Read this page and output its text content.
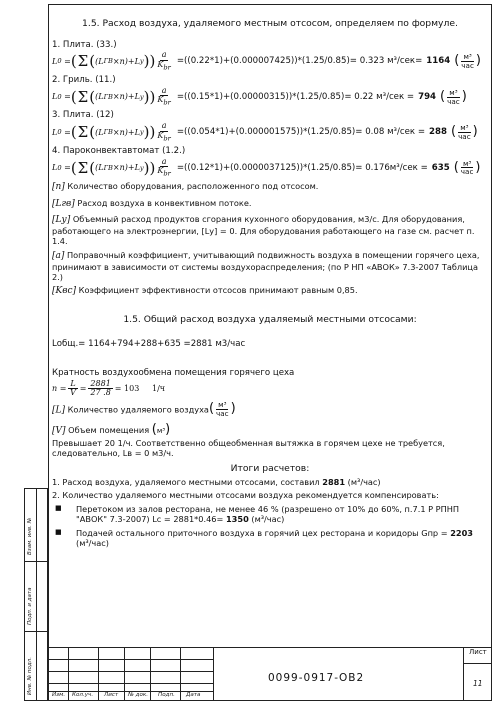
1.5. Расход воздуха, удаляемого местным отсосом, определяем по формуле.
1. Плита. (33.)
L 0
= ( Σ ( ( L ГВ × n )+ L y )) $\frac{a}{K_{br}} =((0.22*1)+(0.000007425))*(1.25/0.85)= 0.323$ м³/сек= 1164 ( $\frac{\text{м³}}{\text{час}}$ )
2. Гриль. (11.)
L 0
= ( Σ ( ( L ГВ × n )+ L y )) $\frac{a}{K_{br}} =((0.15*1)+(0.00000315))*(1.25/0.85)= 0.22$ м³/сек = 794 ( $\frac{\text{м³}}{\text{час}}$ )
3. Плита. (12)
L 0
= ( Σ ( ( L ГВ × n )+ L y )) $\frac{a}{K_{br}} =((0.054*1)+(0.000001575))*(1.25/0.85)= 0.08$ м³/сек = 288 ( $\frac{\text{м³}}{\text{час}}$ )
4. Пароконвектавтомат (1.2.)
L 0
= ( Σ ( ( L ГВ × n )+ L y )) $\frac{a}{K_{br}} =((0.12*1)+(0.0000037125))*(1.25/0.85)= 0.176м^3/сек = 635$ ( $\frac{\text{м³}}{\text{час}}$ )
[n] Количество оборудования, расположенного под отсосом.
[Lгв] Расход воздуха в конвективном потоке.
[Lу] Объемный расход продуктов сгорания кухонного оборудования, м3/с. Для оборудования, работающего на электроэнергии, [Lу] = 0. Для оборудования работающего на газе см. расчет п. 1.4.
[a] Поправочный коэффициент, учитывающий подвижность воздуха в помещении горячего цеха, принимают в зависимости от системы воздухораспределения; (по Р НП «АВОК» 7.3-2007 Таблица 2.)
[Kвс] Коэффициент эффективности отсосов принимают равным 0,85.
1.5. Общий расход воздуха удаляемый местными отсосами:
Lобщ.= 1164+794+288+635 =2881 м3/час
Кратность воздухообмена помещения горячего цеха
n
= $\frac{L}{V} = \frac{2881}{27 .8} = 103$
1/ч
[L] Количество удаляемого воздуха ( $\frac{\text{м³}}{\text{час}}$ )
[V] Объем помещения ( м³ )
Превышает 20 1/ч. Соответственно общеобменная вытяжка в горячем цехе не требуется, следовательно, Lв = 0 м3/ч.
Итоги расчетов:
1. Расход воздуха, удаляемого местными отсосами, составил 2881 (м³/час)
2. Количество удаляемого местными отсосами воздуха рекомендуется компенсировать:
■ Перетоком из залов ресторана, не менее 46 % (разрешено от 10% до 60%, п.7.1 Р РПНП "АВОК" 7.3-2007) Lc = 2881*0.46= 1350 (м³/час)
■ Подачей остального приточного воздуха в горячий цех ресторана и коридоры Gпр = 2203 (м³/час)
Изм. Кол.уч. Лист № док. Подп. Дата
0099-0917-ОВ2
Лист
11
Взам. инв. №
Подп. и дата
Инв. № подл.
